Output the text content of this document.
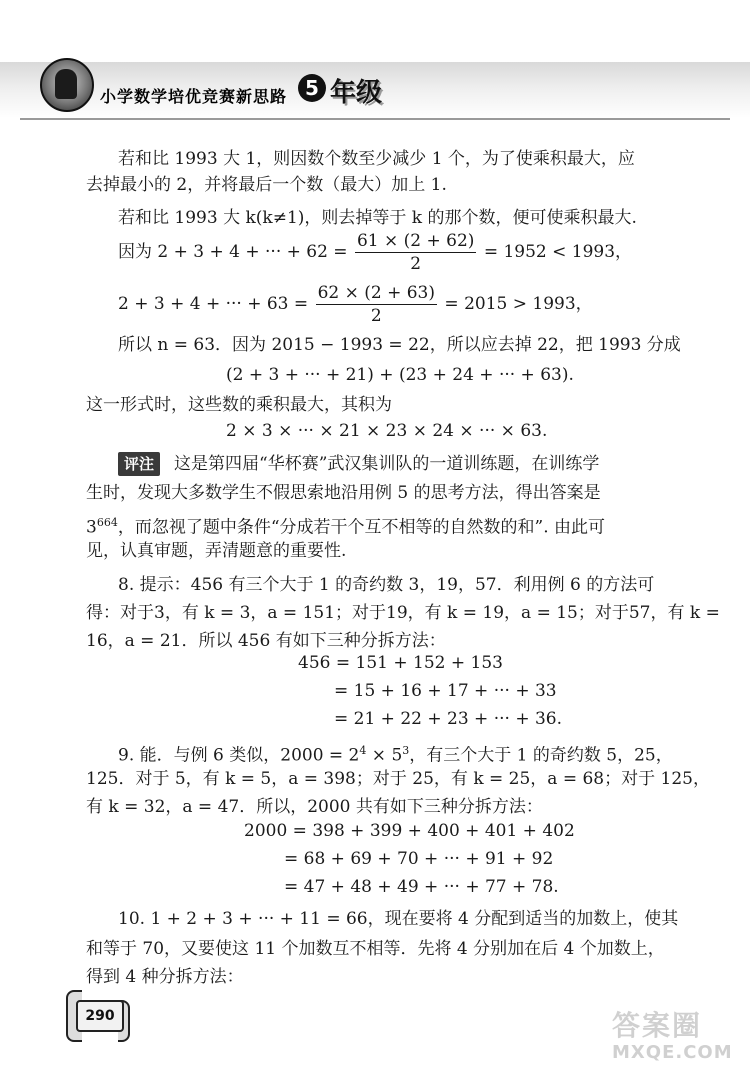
小学数学培优竞赛新思路 5 年级
若和比 1993 大 1，则因数个数至少减少 1 个，为了使乘积最大，应
去掉最小的 2，并将最后一个数（最大）加上 1.
若和比 1993 大 k(k≠1)，则去掉等于 k 的那个数，便可使乘积最大.
因为 2 + 3 + 4 + ··· + $62 = \frac{61 \times (2 + 62)}{2} = 1952 < 1993$，
2 + 3 + 4 + ··· + $63 = \frac{62 \times (2 + 63)}{2} = 2015 > 1993$，
所以 n = 63．因为 2015 − 1993 = 22，所以应去掉 22，把 1993 分成
(2 + 3 + ··· + 21) + (23 + 24 + ··· + 63).
这一形式时，这些数的乘积最大，其积为
2 × 3 × ··· × 21 × 23 × 24 × ··· × 63.
评注 这是第四届“华杯赛”武汉集训队的一道训练题，在训练学
生时，发现大多数学生不假思索地沿用例 5 的思考方法，得出答案是
$3^{664}$，而忽视了题中条件“分成若干个互不相等的自然数的和”. 由此可
见，认真审题，弄清题意的重要性.
8. 提示：456 有三个大于 1 的奇约数 3，19，57．利用例 6 的方法可
得：对于3，有 k = 3，a = 151；对于19，有 k = 19，a = 15；对于57，有 k =
16，a = 21．所以 456 有如下三种分拆方法：
456 = 151 + 152 + 153
= 15 + 16 + 17 + ··· + 33
= 21 + 22 + 23 + ··· + 36.
9. 能．与例 6 类似，$2000 = 2^4 \times 5^3$，有三个大于 1 的奇约数 5，25，
125．对于 5，有 k = 5，a = 398；对于 25，有 k = 25，a = 68；对于 125，
有 k = 32，a = 47．所以，2000 共有如下三种分拆方法：
2000 = 398 + 399 + 400 + 401 + 402
= 68 + 69 + 70 + ··· + 91 + 92
= 47 + 48 + 49 + ··· + 77 + 78.
10. 1 + 2 + 3 + ··· + 11 = 66，现在要将 4 分配到适当的加数上，使其
和等于 70，又要使这 11 个加数互不相等．先将 4 分别加在后 4 个加数上，
得到 4 种分拆方法：
290	答案圈
MXQE.COM
